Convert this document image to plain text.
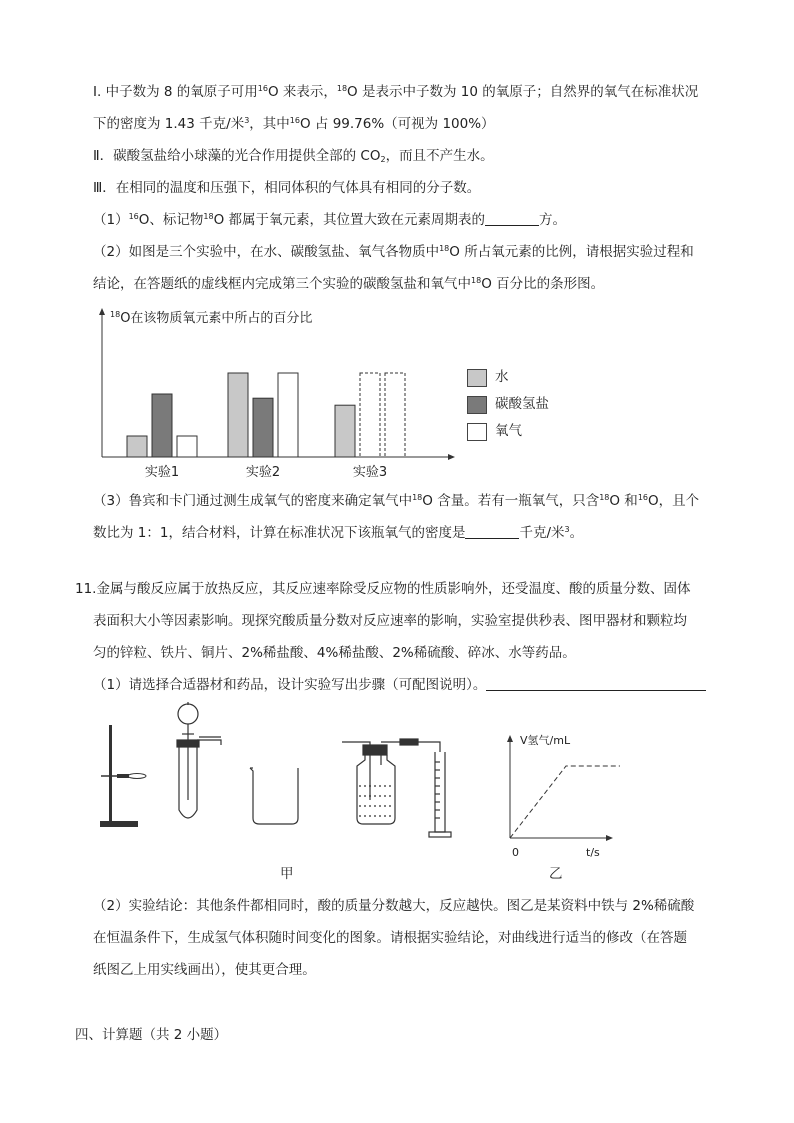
Ⅰ. 中子数为 8 的氧原子可用$^{16}$O 来表示，$^{18}$O 是表示中子数为 10 的氧原子；自然界的氧气在标准状况
下的密度为 1.43 千克/米$^3$，其中$^{16}$O 占 99.76%（可视为 100%）
Ⅱ．碳酸氢盐给小球藻的光合作用提供全部的 $CO_2$，而且不产生水。
Ⅲ．在相同的温度和压强下，相同体积的气体具有相同的分子数。
$(1)^{16}O$、标记物$^{18}$O 都属于氧元素，其位置大致在元素周期表的	方。
（2）如图是三个实验中，在水、碳酸氢盐、氧气各物质中$^{18}$O 所占氧元素的比例，请根据实验过程和
结论，在答题纸的虚线框内完成第三个实验的碳酸氢盐和氧气中$^{18}$O 百分比的条形图。
$^{18}$O在该物质氧元素中所占的百分比
实验1	实验2	实验3
水
碳酸氢盐
氧气
（3）鲁宾和卡门通过测生成氧气的密度来确定氧气中$^{18}$O 含量。若有一瓶氧气，只含$^{18}$O 和$^{16}$O，且个
数比为 1：1，结合材料，计算在标准状况下该瓶氧气的密度是	千克/米$^3$。
11.金属与酸反应属于放热反应，其反应速率除受反应物的性质影响外，还受温度、酸的质量分数、固体
表面积大小等因素影响。现探究酸质量分数对反应速率的影响，实验室提供秒表、图甲器材和颗粒均
匀的锌粒、铁片、铜片、2%稀盐酸、4%稀盐酸、2%稀硫酸、碎冰、水等药品。
（1）请选择合适器材和药品，设计实验写出步骤（可配图说明）。
V氢气/mL
0	t/s
甲	乙
（2）实验结论：其他条件都相同时，酸的质量分数越大，反应越快。图乙是某资料中铁与 2%稀硫酸
在恒温条件下，生成氢气体积随时间变化的图象。请根据实验结论，对曲线进行适当的修改（在答题
纸图乙上用实线画出），使其更合理。
四、计算题（共 2 小题）
